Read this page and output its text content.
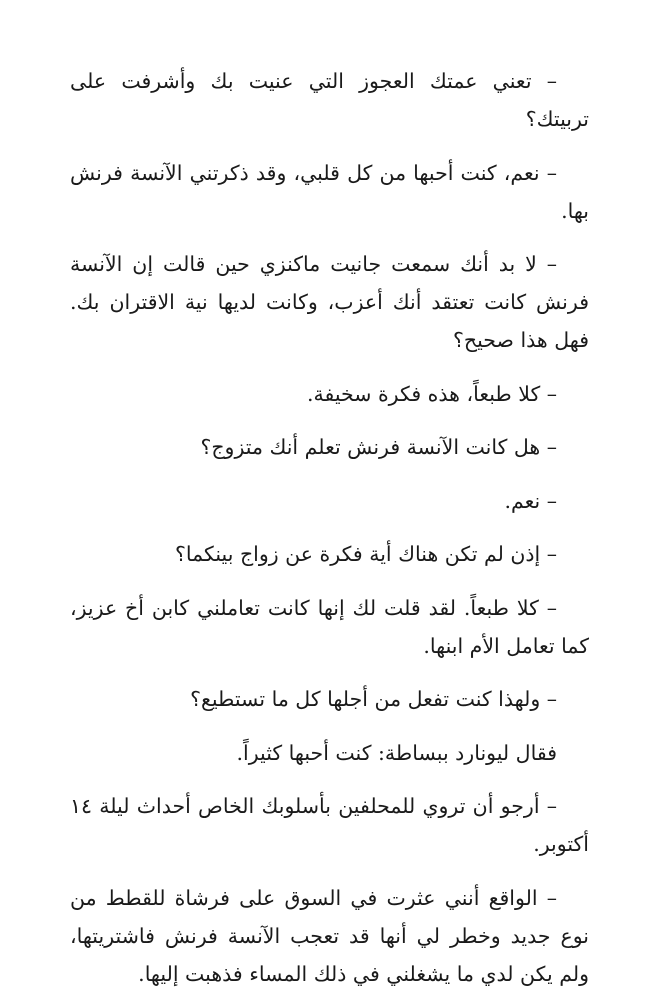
– تعني عمتك العجوز التي عنيت بك وأشرفت على تربيتك؟

– نعم، كنت أحبها من كل قلبي، وقد ذكرتني الآنسة فرنش بها.

– لا بد أنك سمعت جانيت ماكنزي حين قالت إن الآنسة فرنش كانت تعتقد أنك أعزب، وكانت لديها نية الاقتران بك. فهل هذا صحيح؟

– كلا طبعاً، هذه فكرة سخيفة.

– هل كانت الآنسة فرنش تعلم أنك متزوج؟

– نعم.

– إذن لم تكن هناك أية فكرة عن زواج بينكما؟

– كلا طبعاً. لقد قلت لك إنها كانت تعاملني كابن أخ عزيز، كما تعامل الأم ابنها.

– ولهذا كنت تفعل من أجلها كل ما تستطيع؟

فقال ليونارد ببساطة: كنت أحبها كثيراً.

– أرجو أن تروي للمحلفين بأسلوبك الخاص أحداث ليلة ١٤ أكتوبر.

– الواقع أنني عثرت في السوق على فرشاة للقطط من نوع جديد وخطر لي أنها قد تعجب الآنسة فرنش فاشتريتها، ولم يكن لدي ما يشغلني في ذلك المساء فذهبت إليها.
